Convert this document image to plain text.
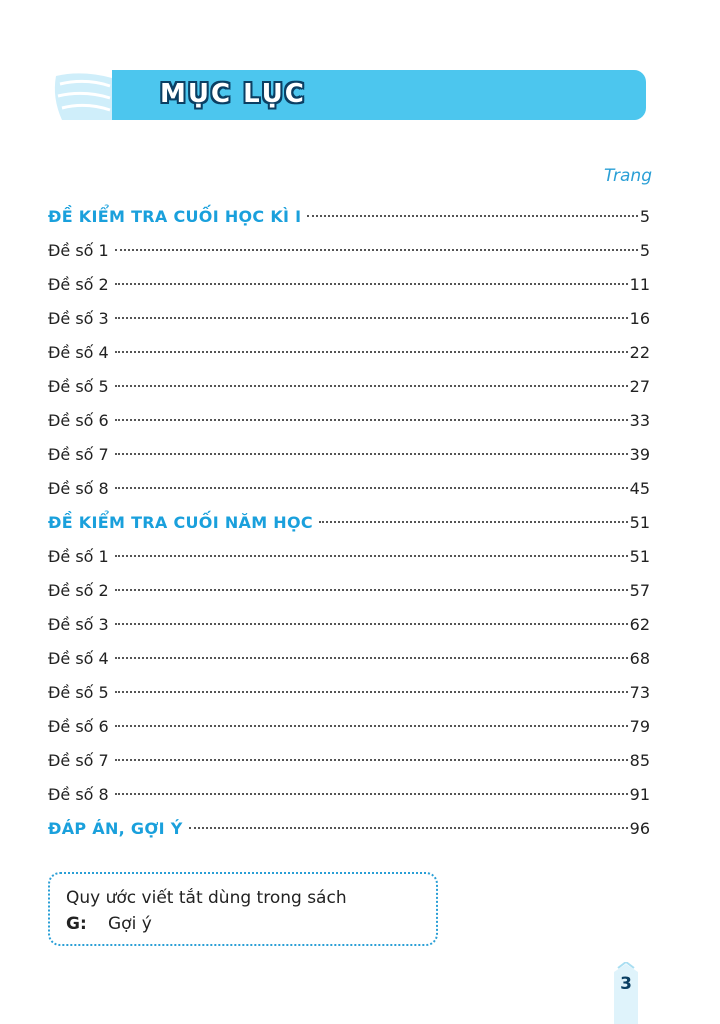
MỤC LỤC
Trang
ĐỀ KIỂM TRA CUỐI HỌC KÌ I	5
Đề số 1	5
Đề số 2	11
Đề số 3	16
Đề số 4	22
Đề số 5	27
Đề số 6	33
Đề số 7	39
Đề số 8	45
ĐỀ KIỂM TRA CUỐI NĂM HỌC	51
Đề số 1	51
Đề số 2	57
Đề số 3	62
Đề số 4	68
Đề số 5	73
Đề số 6	79
Đề số 7	85
Đề số 8	91
ĐÁP ÁN, GỢI Ý	96
Quy ước viết tắt dùng trong sách
G:	Gợi ý
3
